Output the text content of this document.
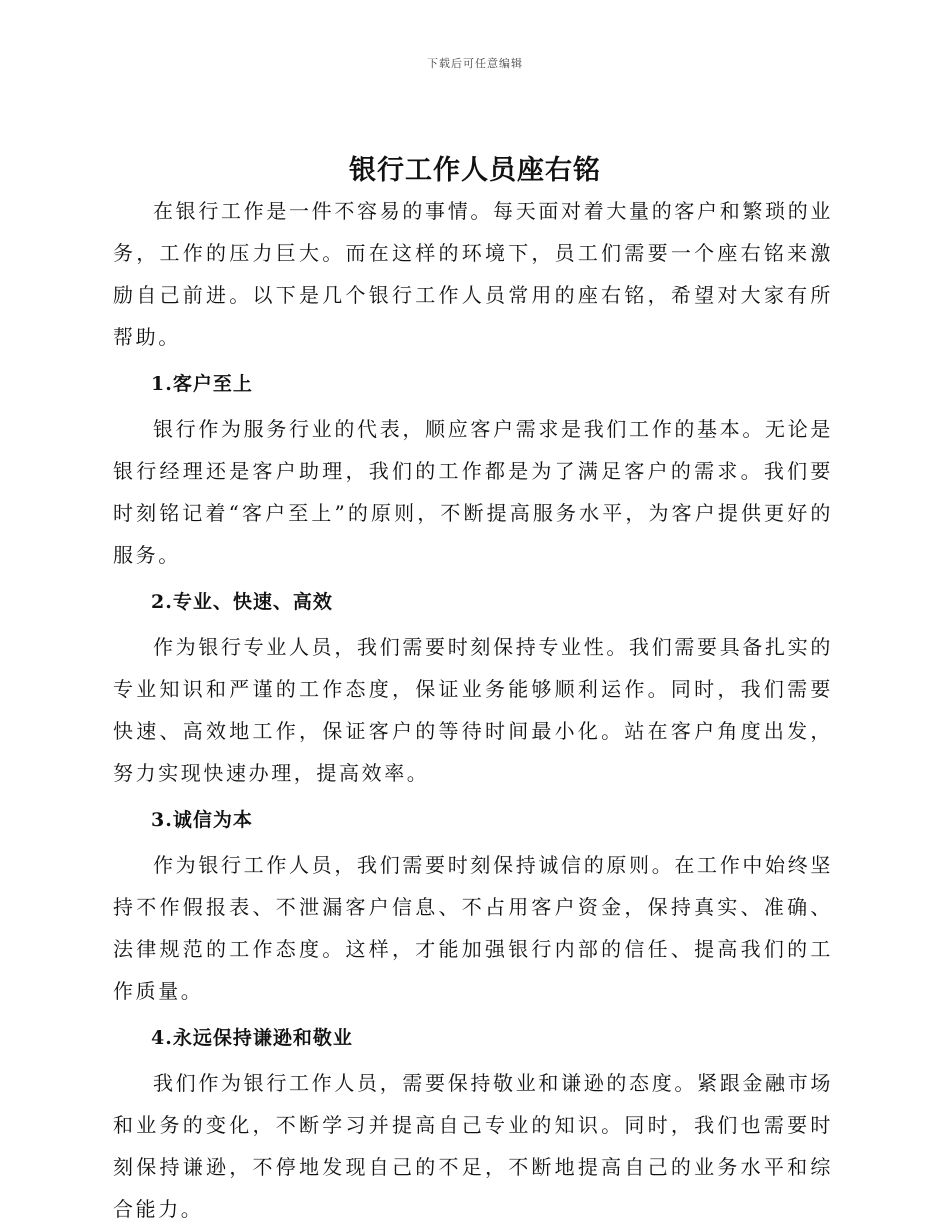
下载后可任意编辑
银行工作人员座右铭

在银行工作是一件不容易的事情。每天面对着大量的客户和繁琐的业务，工作的压力巨大。而在这样的环境下，员工们需要一个座右铭来激励自己前进。以下是几个银行工作人员常用的座右铭，希望对大家有所帮助。

1.客户至上

银行作为服务行业的代表，顺应客户需求是我们工作的基本。无论是银行经理还是客户助理，我们的工作都是为了满足客户的需求。我们要时刻铭记着“客户至上”的原则，不断提高服务水平，为客户提供更好的服务。

2.专业、快速、高效

作为银行专业人员，我们需要时刻保持专业性。我们需要具备扎实的专业知识和严谨的工作态度，保证业务能够顺利运作。同时，我们需要快速、高效地工作，保证客户的等待时间最小化。站在客户角度出发，努力实现快速办理，提高效率。

3.诚信为本

作为银行工作人员，我们需要时刻保持诚信的原则。在工作中始终坚持不作假报表、不泄漏客户信息、不占用客户资金，保持真实、准确、法律规范的工作态度。这样，才能加强银行内部的信任、提高我们的工作质量。

4.永远保持谦逊和敬业

我们作为银行工作人员，需要保持敬业和谦逊的态度。紧跟金融市场和业务的变化，不断学习并提高自己专业的知识。同时，我们也需要时刻保持谦逊，不停地发现自己的不足，不断地提高自己的业务水平和综合能力。
